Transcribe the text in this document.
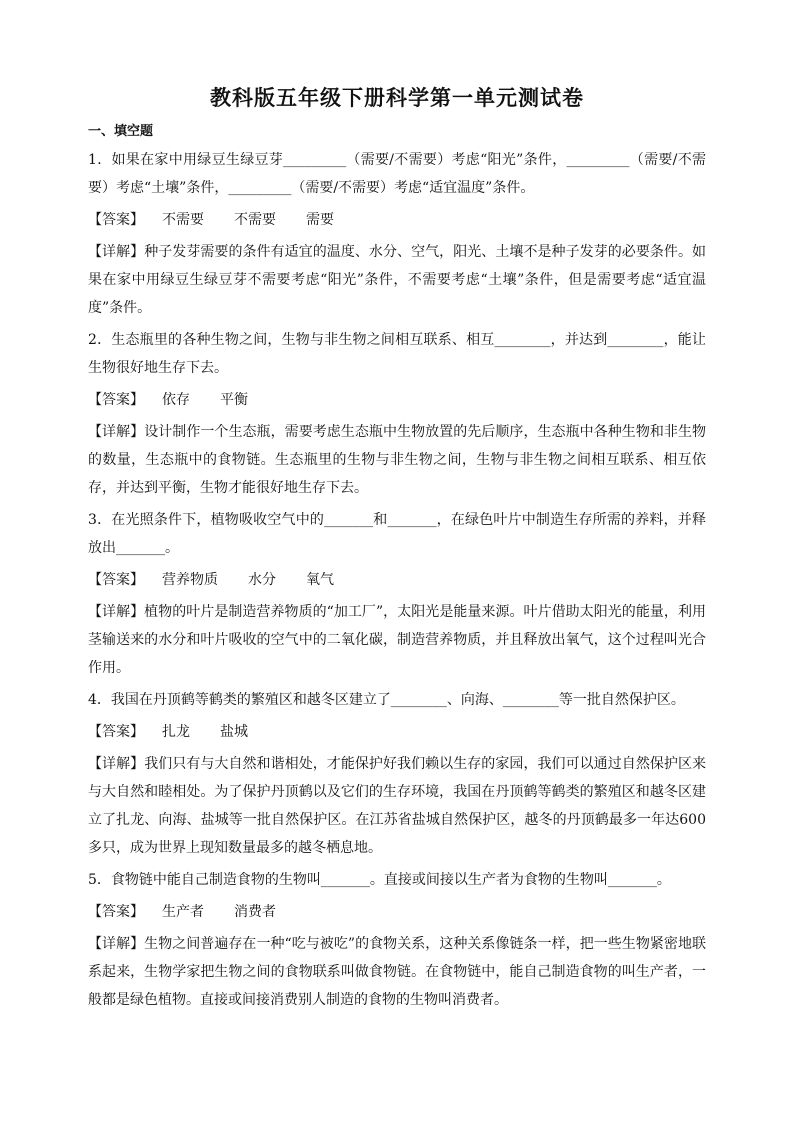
教科版五年级下册科学第一单元测试卷
一、填空题

1．如果在家中用绿豆生绿豆芽_________（需要/不需要）考虑“阳光”条件，_________（需要/不需要）考虑“土壤”条件，_________（需要/不需要）考虑“适宜温度”条件。

【答案】 不需要 不需要 需要

【详解】种子发芽需要的条件有适宜的温度、水分、空气，阳光、土壤不是种子发芽的必要条件。如果在家中用绿豆生绿豆芽不需要考虑“阳光”条件，不需要考虑“土壤”条件，但是需要考虑“适宜温度”条件。

2．生态瓶里的各种生物之间，生物与非生物之间相互联系、相互________，并达到________，能让生物很好地生存下去。

【答案】 依存 平衡

【详解】设计制作一个生态瓶，需要考虑生态瓶中生物放置的先后顺序，生态瓶中各种生物和非生物的数量，生态瓶中的食物链。生态瓶里的生物与非生物之间，生物与非生物之间相互联系、相互依存，并达到平衡，生物才能很好地生存下去。

3．在光照条件下，植物吸收空气中的_______和_______，在绿色叶片中制造生存所需的养料，并释放出_______。

【答案】 营养物质 水分 氧气

【详解】植物的叶片是制造营养物质的“加工厂”，太阳光是能量来源。叶片借助太阳光的能量，利用茎输送来的水分和叶片吸收的空气中的二氧化碳，制造营养物质，并且释放出氧气，这个过程叫光合作用。

4．我国在丹顶鹤等鹤类的繁殖区和越冬区建立了________、向海、________等一批自然保护区。

【答案】 扎龙 盐城

【详解】我们只有与大自然和谐相处，才能保护好我们赖以生存的家园，我们可以通过自然保护区来与大自然和睦相处。为了保护丹顶鹤以及它们的生存环境，我国在丹顶鹤等鹤类的繁殖区和越冬区建立了扎龙、向海、盐城等一批自然保护区。在江苏省盐城自然保护区，越冬的丹顶鹤最多一年达600多只，成为世界上现知数量最多的越冬栖息地。

5．食物链中能自己制造食物的生物叫_______。直接或间接以生产者为食物的生物叫_______。

【答案】 生产者 消费者

【详解】生物之间普遍存在一种“吃与被吃”的食物关系，这种关系像链条一样，把一些生物紧密地联系起来，生物学家把生物之间的食物联系叫做食物链。在食物链中，能自己制造食物的叫生产者，一般都是绿色植物。直接或间接消费别人制造的食物的生物叫消费者。
